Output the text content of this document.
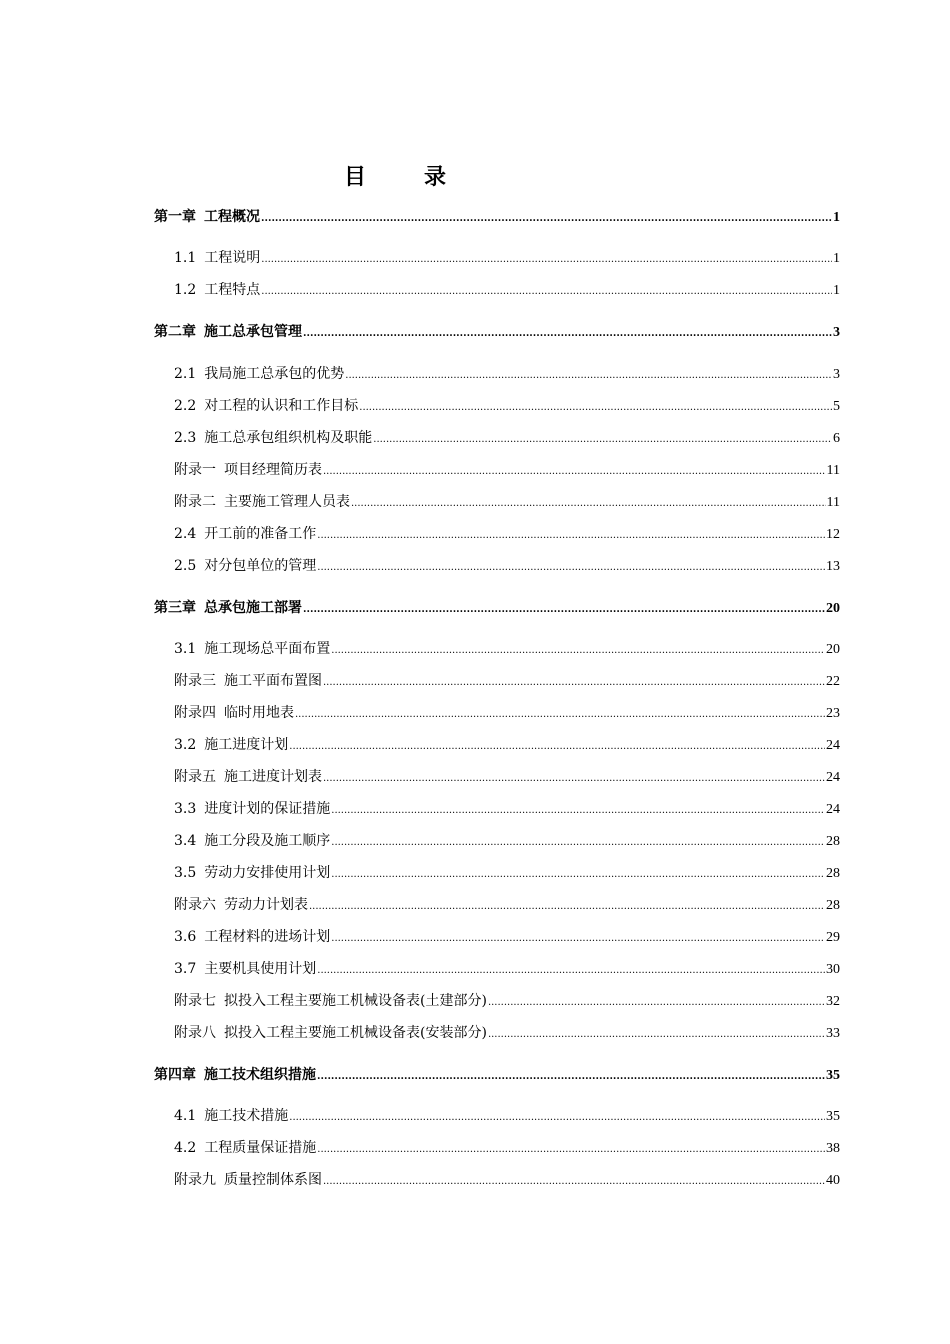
目　录
第一章 工程概况 .....	1
1.1 工程说明 .....	1
1.2 工程特点 .....	1
第二章 施工总承包管理 .....	3
2.1 我局施工总承包的优势 .....	3
2.2 对工程的认识和工作目标 .....	5
2.3 施工总承包组织机构及职能 .....	6
附录一 项目经理简历表 .....	11
附录二 主要施工管理人员表 .....	11
2.4 开工前的准备工作 .....	12
2.5 对分包单位的管理 .....	13
第三章 总承包施工部署 .....	20
3.1 施工现场总平面布置 .....	20
附录三 施工平面布置图 .....	22
附录四 临时用地表 .....	23
3.2 施工进度计划 .....	24
附录五 施工进度计划表 .....	24
3.3 进度计划的保证措施 .....	24
3.4 施工分段及施工顺序 .....	28
3.5 劳动力安排使用计划 .....	28
附录六 劳动力计划表 .....	28
3.6 工程材料的进场计划 .....	29
3.7 主要机具使用计划 .....	30
附录七 拟投入工程主要施工机械设备表(土建部分) .....	32
附录八 拟投入工程主要施工机械设备表(安装部分) .....	33
第四章 施工技术组织措施 .....	35
4.1 施工技术措施 .....	35
4.2 工程质量保证措施 .....	38
附录九 质量控制体系图 .....	40
